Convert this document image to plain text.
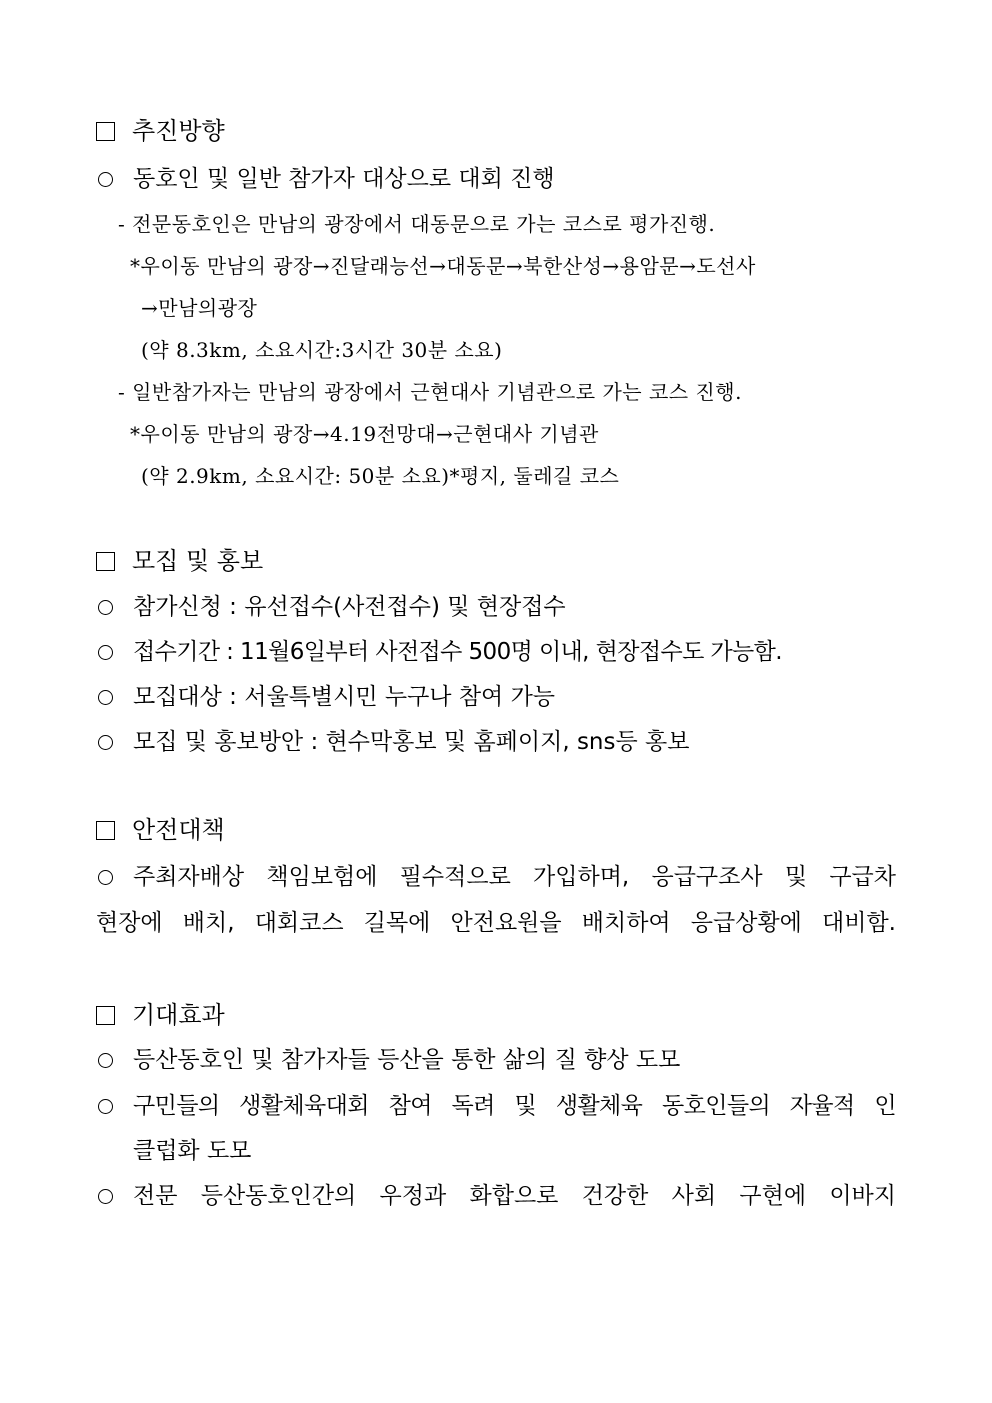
추진방향
동호인 및 일반 참가자 대상으로 대회 진행
- 전문동호인은 만남의 광장에서 대동문으로 가는 코스로 평가진행.
*우이동 만남의 광장→진달래능선→대동문→북한산성→용암문→도선사
→만남의광장
(약 8.3km, 소요시간:3시간 30분 소요)
- 일반참가자는 만남의 광장에서 근현대사 기념관으로 가는 코스 진행.
*우이동 만남의 광장→4.19전망대→근현대사 기념관
(약 2.9km, 소요시간: 50분 소요)*평지, 둘레길 코스
모집 및 홍보
참가신청 : 유선접수(사전접수) 및 현장접수
접수기간 : 11월6일부터 사전접수 500명 이내, 현장접수도 가능함.
모집대상 : 서울특별시민 누구나 참여 가능
모집 및 홍보방안 : 현수막홍보 및 홈페이지, sns등 홍보
안전대책
주최자배상 책임보험에 필수적으로 가입하며, 응급구조사 및 구급차
현장에 배치, 대회코스 길목에 안전요원을 배치하여 응급상황에 대비함.
기대효과
등산동호인 및 참가자들 등산을 통한 삶의 질 향상 도모
구민들의 생활체육대회 참여 독려 및 생활체육 동호인들의 자율적 인
클럽화 도모
전문 등산동호인간의 우정과 화합으로 건강한 사회 구현에 이바지
